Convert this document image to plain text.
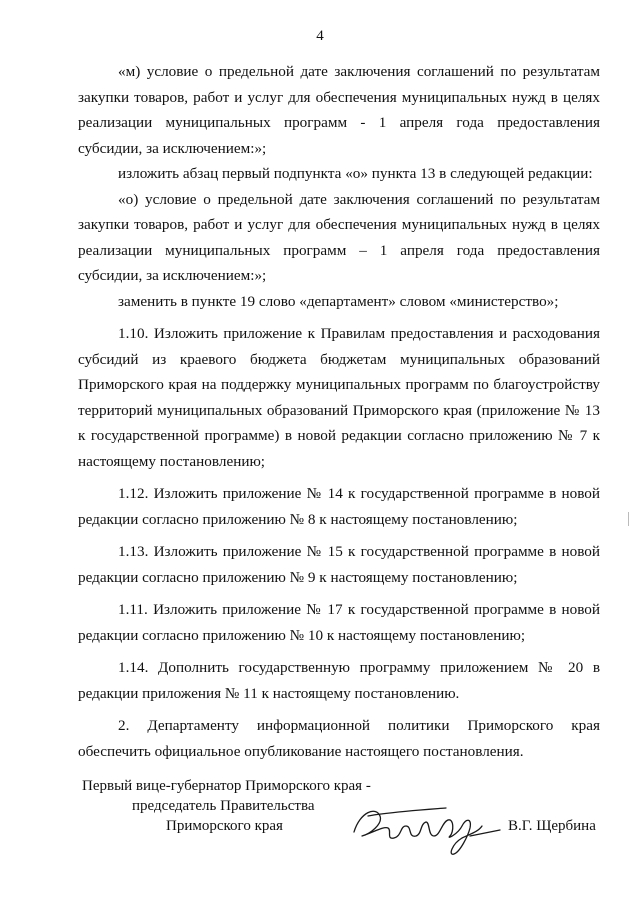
4

«м) условие о предельной дате заключения соглашений по результатам закупки товаров, работ и услуг для обеспечения муниципальных нужд в целях реализации муниципальных программ - 1 апреля года предоставления субсидии, за исключением:»;

изложить абзац первый подпункта «о» пункта 13 в следующей редакции:

«о) условие о предельной дате заключения соглашений по результатам закупки товаров, работ и услуг для обеспечения муниципальных нужд в целях реализации муниципальных программ – 1 апреля года предоставления субсидии, за исключением:»;

заменить в пункте 19 слово «департамент» словом «министерство»;

1.10. Изложить приложение к Правилам предоставления и расходования субсидий из краевого бюджета бюджетам муниципальных образований Приморского края на поддержку муниципальных программ по благоустройству территорий муниципальных образований Приморского края (приложение № 13 к государственной программе) в новой редакции согласно приложению № 7 к настоящему постановлению;

1.12. Изложить приложение № 14 к государственной программе в новой редакции согласно приложению № 8 к настоящему постановлению;

1.13. Изложить приложение № 15 к государственной программе в новой редакции согласно приложению № 9 к настоящему постановлению;

1.11. Изложить приложение № 17 к государственной программе в новой редакции согласно приложению № 10 к настоящему постановлению;

1.14. Дополнить государственную программу приложением № 20 в редакции приложения № 11 к настоящему постановлению.

2. Департаменту информационной политики Приморского края обеспечить официальное опубликование настоящего постановления.

Первый вице-губернатор Приморского края -
председатель Правительства
Приморского края	В.Г. Щербина
